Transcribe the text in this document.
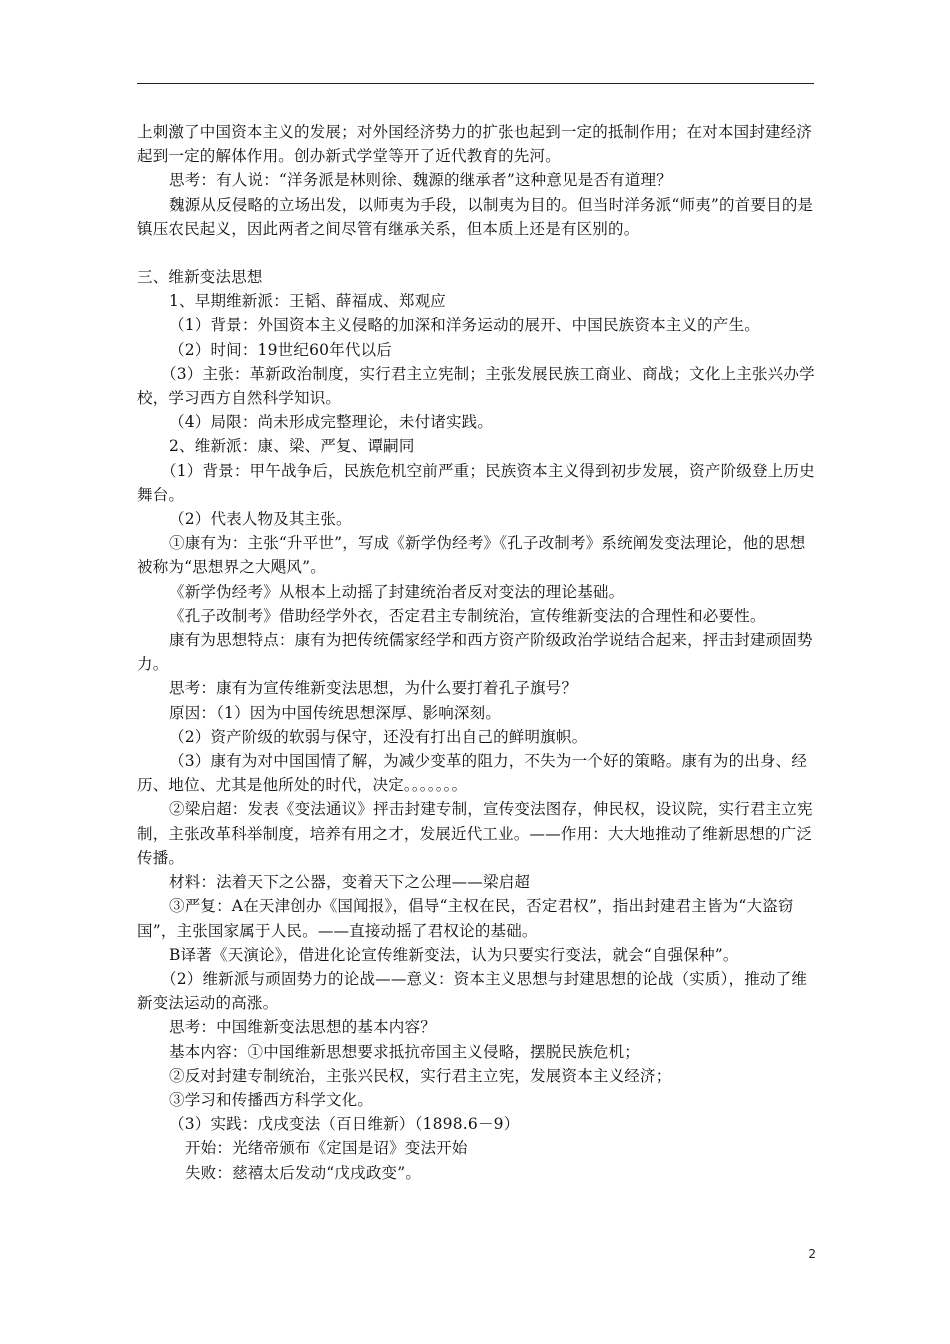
上刺激了中国资本主义的发展；对外国经济势力的扩张也起到一定的抵制作用；在对本国封建经济起到一定的解体作用。创办新式学堂等开了近代教育的先河。

思考：有人说：“洋务派是林则徐、魏源的继承者”这种意见是否有道理？

魏源从反侵略的立场出发，以师夷为手段，以制夷为目的。但当时洋务派“师夷”的首要目的是镇压农民起义，因此两者之间尽管有继承关系，但本质上还是有区别的。

三、维新变法思想

1、早期维新派：王韬、薛福成、郑观应

（1）背景：外国资本主义侵略的加深和洋务运动的展开、中国民族资本主义的产生。

（2）时间：19世纪60年代以后

（3）主张：革新政治制度，实行君主立宪制；主张发展民族工商业、商战；文化上主张兴办学校，学习西方自然科学知识。

（4）局限：尚未形成完整理论，未付诸实践。

2、维新派：康、梁、严复、谭嗣同

（1）背景：甲午战争后，民族危机空前严重；民族资本主义得到初步发展，资产阶级登上历史舞台。

（2）代表人物及其主张。

①康有为：主张“升平世”，写成《新学伪经考》《孔子改制考》系统阐发变法理论，他的思想被称为“思想界之大飓风”。

《新学伪经考》从根本上动摇了封建统治者反对变法的理论基础。

《孔子改制考》借助经学外衣，否定君主专制统治，宣传维新变法的合理性和必要性。

康有为思想特点：康有为把传统儒家经学和西方资产阶级政治学说结合起来，抨击封建顽固势力。

思考：康有为宣传维新变法思想，为什么要打着孔子旗号？

原因：（1）因为中国传统思想深厚、影响深刻。

（2）资产阶级的软弱与保守，还没有打出自己的鲜明旗帜。

（3）康有为对中国国情了解，为减少变革的阻力，不失为一个好的策略。康有为的出身、经历、地位、尤其是他所处的时代，决定。。。。。。。

②梁启超：发表《变法通议》抨击封建专制，宣传变法图存，伸民权，设议院，实行君主立宪制，主张改革科举制度，培养有用之才，发展近代工业。——作用：大大地推动了维新思想的广泛传播。

材料：法着天下之公器，变着天下之公理——梁启超

③严复：A在天津创办《国闻报》，倡导“主权在民，否定君权”，指出封建君主皆为“大盗窃国”，主张国家属于人民。——直接动摇了君权论的基础。

B译著《天演论》，借进化论宣传维新变法，认为只要实行变法，就会“自强保种”。

（2）维新派与顽固势力的论战——意义：资本主义思想与封建思想的论战（实质），推动了维新变法运动的高涨。

思考：中国维新变法思想的基本内容？

基本内容：①中国维新思想要求抵抗帝国主义侵略，摆脱民族危机；

②反对封建专制统治，主张兴民权，实行君主立宪，发展资本主义经济；

③学习和传播西方科学文化。

（3）实践：戊戌变法（百日维新）（1898.6－9）

开始：光绪帝颁布《定国是诏》变法开始

失败：慈禧太后发动“戊戌政变”。

2
